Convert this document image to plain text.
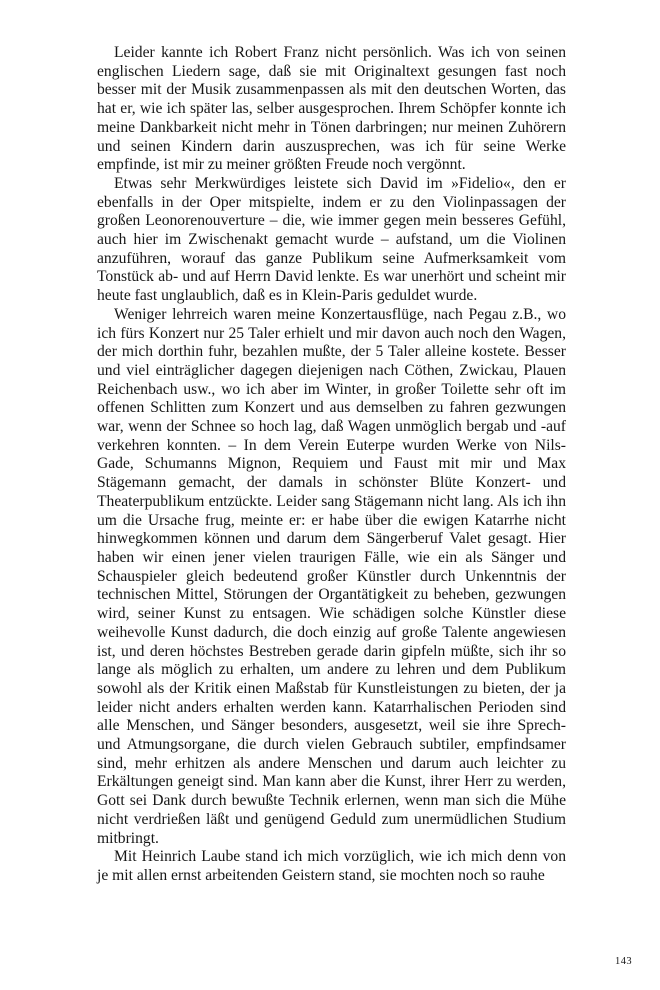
Leider kannte ich Robert Franz nicht persönlich. Was ich von seinen englischen Liedern sage, daß sie mit Originaltext gesungen fast noch besser mit der Musik zusammenpassen als mit den deutschen Worten, das hat er, wie ich später las, selber ausgesprochen. Ihrem Schöpfer konnte ich meine Dankbarkeit nicht mehr in Tönen darbringen; nur meinen Zuhörern und seinen Kindern darin auszusprechen, was ich für seine Werke empfinde, ist mir zu meiner größten Freude noch vergönnt.

Etwas sehr Merkwürdiges leistete sich David im »Fidelio«, den er ebenfalls in der Oper mitspielte, indem er zu den Violinpassagen der großen Leonorenouverture – die, wie immer gegen mein besseres Gefühl, auch hier im Zwischenakt gemacht wurde – aufstand, um die Violinen anzuführen, worauf das ganze Publikum seine Aufmerksamkeit vom Tonstück ab- und auf Herrn David lenkte. Es war unerhört und scheint mir heute fast unglaublich, daß es in Klein-Paris geduldet wurde.

Weniger lehrreich waren meine Konzertausflüge, nach Pegau z.B., wo ich fürs Konzert nur 25 Taler erhielt und mir davon auch noch den Wagen, der mich dorthin fuhr, bezahlen mußte, der 5 Taler alleine kostete. Besser und viel einträglicher dagegen diejenigen nach Cöthen, Zwickau, Plauen Reichenbach usw., wo ich aber im Winter, in großer Toilette sehr oft im offenen Schlitten zum Konzert und aus demselben zu fahren gezwungen war, wenn der Schnee so hoch lag, daß Wagen unmöglich bergab und -auf verkehren konnten. – In dem Verein Euterpe wurden Werke von Nils-Gade, Schumanns Mignon, Requiem und Faust mit mir und Max Stägemann gemacht, der damals in schönster Blüte Konzert- und Theaterpublikum entzückte. Leider sang Stägemann nicht lang. Als ich ihn um die Ursache frug, meinte er: er habe über die ewigen Katarrhe nicht hinwegkommen können und darum dem Sängerberuf Valet gesagt. Hier haben wir einen jener vielen traurigen Fälle, wie ein als Sänger und Schauspieler gleich bedeutend großer Künstler durch Unkenntnis der technischen Mittel, Störungen der Organtätigkeit zu beheben, gezwungen wird, seiner Kunst zu entsagen. Wie schädigen solche Künstler diese weihevolle Kunst dadurch, die doch einzig auf große Talente angewiesen ist, und deren höchstes Bestreben gerade darin gipfeln müßte, sich ihr so lange als möglich zu erhalten, um andere zu lehren und dem Publikum sowohl als der Kritik einen Maßstab für Kunstleistungen zu bieten, der ja leider nicht anders erhalten werden kann. Katarrhalischen Perioden sind alle Menschen, und Sänger besonders, ausgesetzt, weil sie ihre Sprech- und Atmungsorgane, die durch vielen Gebrauch subtiler, empfindsamer sind, mehr erhitzen als andere Menschen und darum auch leichter zu Erkältungen geneigt sind. Man kann aber die Kunst, ihrer Herr zu werden, Gott sei Dank durch bewußte Technik erlernen, wenn man sich die Mühe nicht verdrießen läßt und genügend Geduld zum unermüdlichen Studium mitbringt.

Mit Heinrich Laube stand ich mich vorzüglich, wie ich mich denn von je mit allen ernst arbeitenden Geistern stand, sie mochten noch so rauhe

143
